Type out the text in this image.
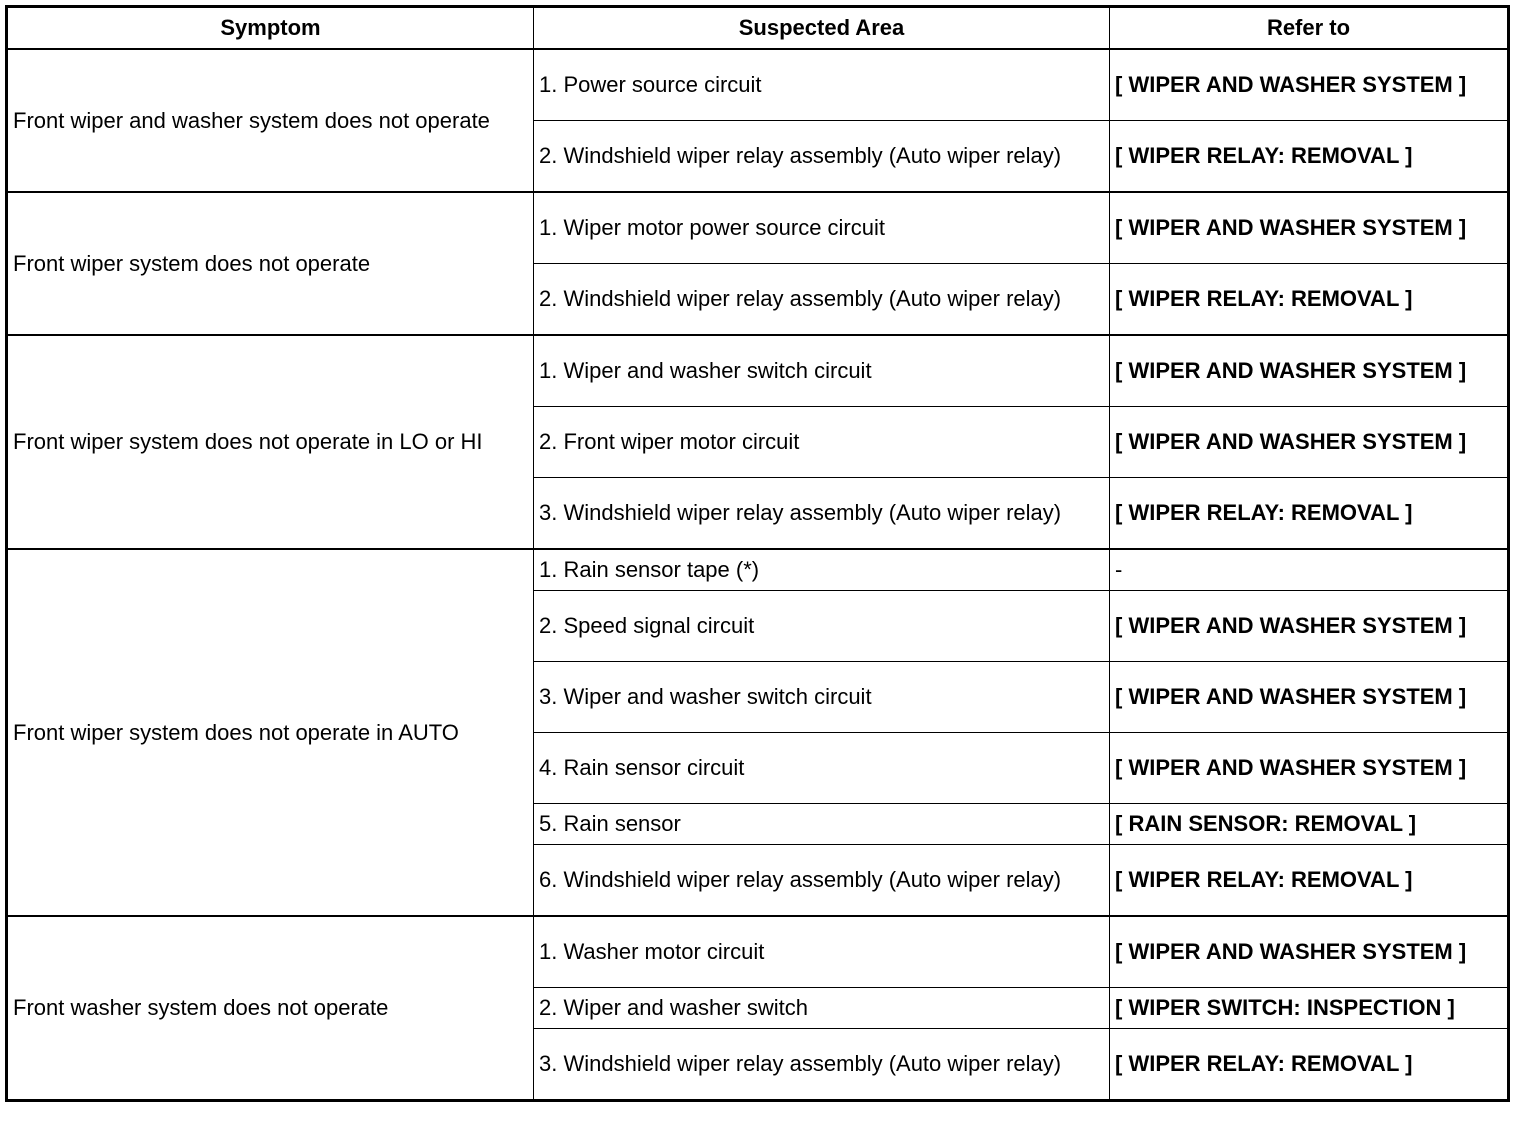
Symptom	Suspected Area	Refer to
Front wiper and washer system does not operate	1. Power source circuit	[ WIPER AND WASHER SYSTEM ]
	2. Windshield wiper relay assembly (Auto wiper relay)	[ WIPER RELAY: REMOVAL ]
Front wiper system does not operate	1. Wiper motor power source circuit	[ WIPER AND WASHER SYSTEM ]
	2. Windshield wiper relay assembly (Auto wiper relay)	[ WIPER RELAY: REMOVAL ]
Front wiper system does not operate in LO or HI	1. Wiper and washer switch circuit	[ WIPER AND WASHER SYSTEM ]
	2. Front wiper motor circuit	[ WIPER AND WASHER SYSTEM ]
	3. Windshield wiper relay assembly (Auto wiper relay)	[ WIPER RELAY: REMOVAL ]
Front wiper system does not operate in AUTO	1. Rain sensor tape (*)	-
	2. Speed signal circuit	[ WIPER AND WASHER SYSTEM ]
	3. Wiper and washer switch circuit	[ WIPER AND WASHER SYSTEM ]
	4. Rain sensor circuit	[ WIPER AND WASHER SYSTEM ]
	5. Rain sensor	[ RAIN SENSOR: REMOVAL ]
	6. Windshield wiper relay assembly (Auto wiper relay)	[ WIPER RELAY: REMOVAL ]
Front washer system does not operate	1. Washer motor circuit	[ WIPER AND WASHER SYSTEM ]
	2. Wiper and washer switch	[ WIPER SWITCH: INSPECTION ]
	3. Windshield wiper relay assembly (Auto wiper relay)	[ WIPER RELAY: REMOVAL ]
